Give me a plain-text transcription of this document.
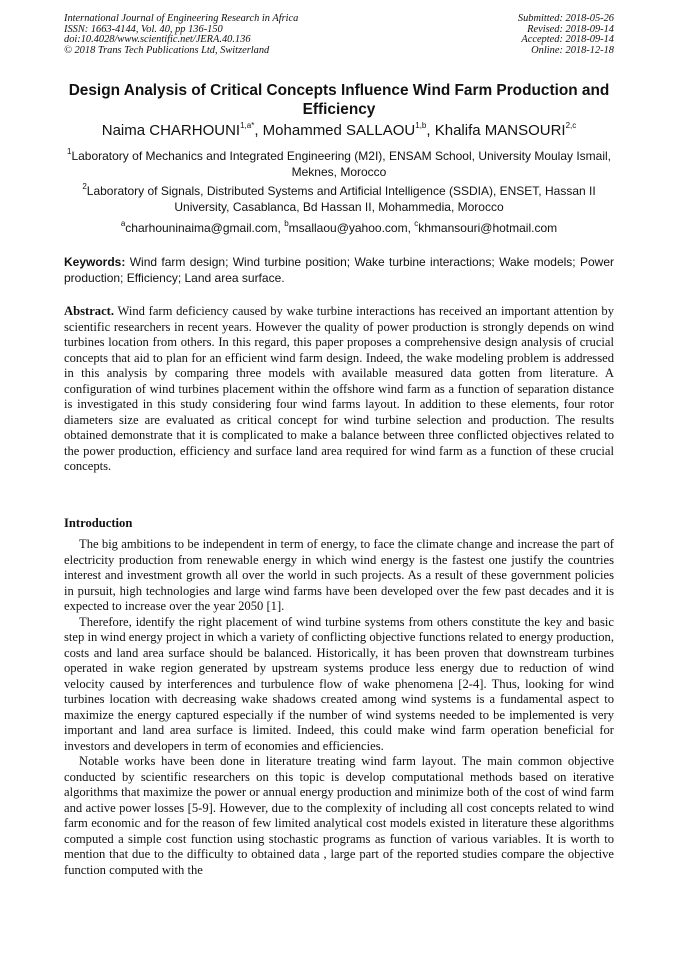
International Journal of Engineering Research in Africa
ISSN: 1663-4144, Vol. 40, pp 136-150
doi:10.4028/www.scientific.net/JERA.40.136
© 2018 Trans Tech Publications Ltd, Switzerland
Submitted: 2018-05-26
Revised: 2018-09-14
Accepted: 2018-09-14
Online: 2018-12-18
Design Analysis of Critical Concepts Influence Wind Farm Production and Efficiency
Naima $CHARHOUNI^{1,a*}$, Mohammed SALLAOU$^{1,b}$, Khalifa MANSOURI$^{2,c}$
$^1$Laboratory of Mechanics and Integrated Engineering (M2I), ENSAM School, University Moulay Ismail, Meknes, Morocco
$^2$Laboratory of Signals, Distributed Systems and Artificial Intelligence (SSDIA), ENSET, Hassan II University, Casablanca, Bd Hassan II, Mohammedia, Morocco
$^a$charhouninaima@gmail.com, $^b$msallaou@yahoo.com, $^c$khmansouri@hotmail.com
Keywords: Wind farm design; Wind turbine position; Wake turbine interactions; Wake models; Power production; Efficiency; Land area surface.
Abstract. Wind farm deficiency caused by wake turbine interactions has received an important attention by scientific researchers in recent years. However the quality of power production is strongly depends on wind turbines location from others. In this regard, this paper proposes a comprehensive design analysis of crucial concepts that aid to plan for an efficient wind farm design. Indeed, the wake modeling problem is addressed in this analysis by comparing three models with available measured data gotten from literature. A configuration of wind turbines placement within the offshore wind farm as a function of separation distance is investigated in this study considering four wind farms layout. In addition to these elements, four rotor diameters size are evaluated as critical concept for wind turbine selection and production. The results obtained demonstrate that it is complicated to make a balance between three conflicted objectives related to the power production, efficiency and surface land area required for wind farm as a function of these crucial concepts.
Introduction

The big ambitions to be independent in term of energy, to face the climate change and increase the part of electricity production from renewable energy in which wind energy is the fastest one justify the countries interest and investment growth all over the world in such projects. As a result of these government policies in pursuit, high technologies and large wind farms have been developed over the few past decades and it is expected to increase over the year 2050 [1].

Therefore, identify the right placement of wind turbine systems from others constitute the key and basic step in wind energy project in which a variety of conflicting objective functions related to energy production, costs and land area surface should be balanced. Historically, it has been proven that downstream turbines operated in wake region generated by upstream systems produce less energy due to reduction of wind velocity caused by interferences and turbulence flow of wake phenomena [2-4]. Thus, looking for wind turbines location with decreasing wake shadows created among wind systems is a fundamental aspect to maximize the energy captured especially if the number of wind systems needed to be implemented is very important and land area surface is limited. Indeed, this could make wind farm operation beneficial for investors and developers in term of economies and efficiencies.

Notable works have been done in literature treating wind farm layout. The main common objective conducted by scientific researchers on this topic is develop computational methods based on iterative algorithms that maximize the power or annual energy production and minimize both of the cost of wind farm and active power losses [5-9]. However, due to the complexity of including all cost concepts related to wind farm economic and for the reason of few limited analytical cost models existed in literature these algorithms computed a simple cost function using stochastic programs as function of various variables. It is worth to mention that due to the difficulty to obtained data , large part of the reported studies compare the objective function computed with the
